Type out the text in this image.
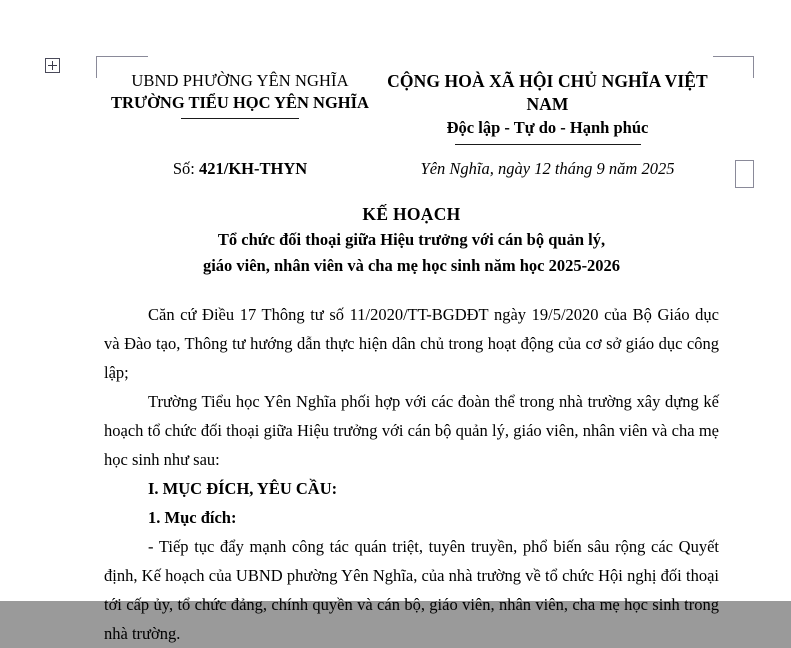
UBND PHƯỜNG YÊN NGHĨA
TRƯỜNG TIỂU HỌC YÊN NGHĨA
CỘNG HOÀ XÃ HỘI CHỦ NGHĨA VIỆT NAM
Độc lập - Tự do - Hạnh phúc
Số: 421/KH-THYN	Yên Nghĩa, ngày 12 tháng 9 năm 2025
KẾ HOẠCH
Tổ chức đối thoại giữa Hiệu trưởng với cán bộ quản lý,
giáo viên, nhân viên và cha mẹ học sinh năm học 2025-2026

Căn cứ Điều 17 Thông tư số 11/2020/TT-BGDĐT ngày 19/5/2020 của Bộ Giáo dục và Đào tạo, Thông tư hướng dẫn thực hiện dân chủ trong hoạt động của cơ sở giáo dục công lập;

Trường Tiểu học Yên Nghĩa phối hợp với các đoàn thể trong nhà trường xây dựng kế hoạch tổ chức đối thoại giữa Hiệu trưởng với cán bộ quản lý, giáo viên, nhân viên và cha mẹ học sinh như sau:

I. MỤC ĐÍCH, YÊU CẦU:

1. Mục đích:

- Tiếp tục đẩy mạnh công tác quán triệt, tuyên truyền, phổ biến sâu rộng các Quyết định, Kế hoạch của UBND phường Yên Nghĩa, của nhà trường về tổ chức Hội nghị đối thoại tới cấp ủy, tổ chức đảng, chính quyền và cán bộ, giáo viên, nhân viên, cha mẹ học sinh trong nhà trường.
